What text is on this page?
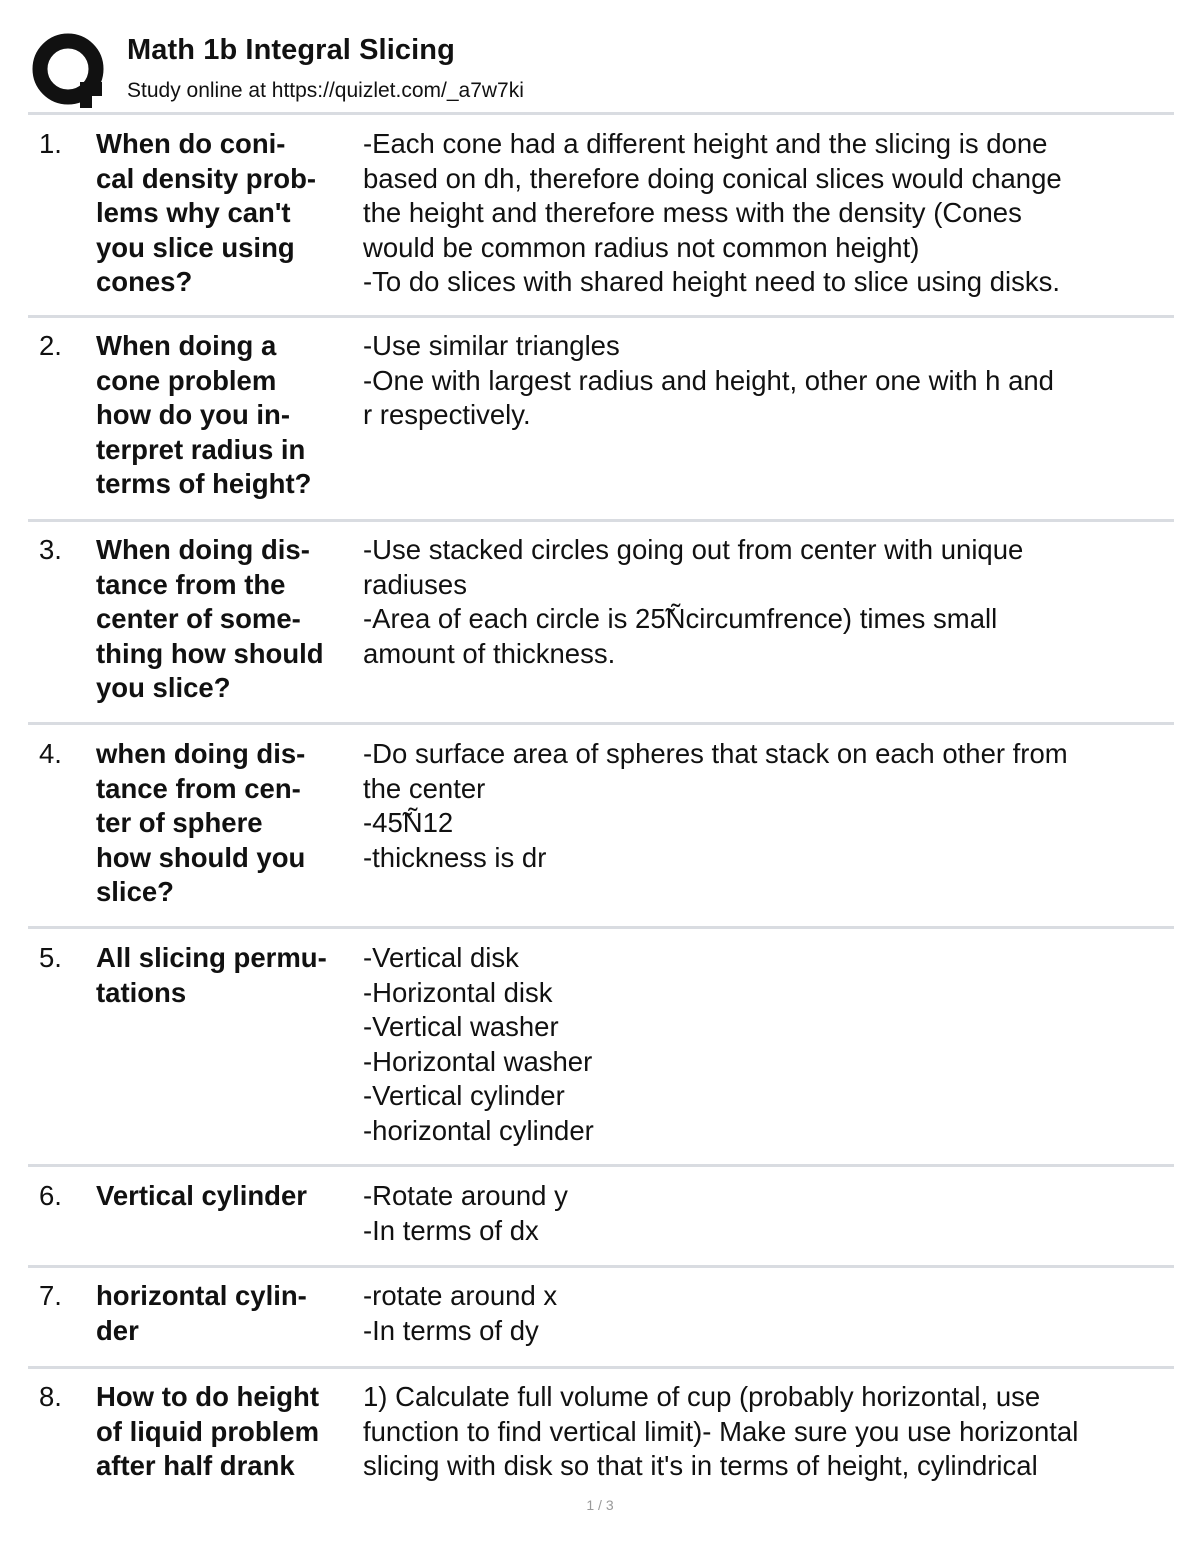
Math 1b Integral Slicing
Study online at https://quizlet.com/_a7w7ki
1. When do coni-
cal density prob-
lems why can't
you slice using
cones?
-Each cone had a different height and the slicing is done
based on dh, therefore doing conical slices would change
the height and therefore mess with the density (Cones
would be common radius not common height)
-To do slices with shared height need to slice using disks.
2. When doing a
cone problem
how do you in-
terpret radius in
terms of height?
-Use similar triangles
-One with largest radius and height, other one with h and
r respectively.
3. When doing dis-
tance from the
center of some-
thing how should
you slice?
-Use stacked circles going out from center with unique
radiuses
-Area of each circle is 25̃Ñcircumfrence) times small
amount of thickness.
4. when doing dis-
tance from cen-
ter of sphere
how should you
slice?
-Do surface area of spheres that stack on each other from
the center
-45̃Ñ12
-thickness is dr
5. All slicing permu-
tations
-Vertical disk
-Horizontal disk
-Vertical washer
-Horizontal washer
-Vertical cylinder
-horizontal cylinder
6. Vertical cylinder	-Rotate around y
-In terms of dx
7. horizontal cylin-
der
-rotate around x
-In terms of dy
8. How to do height
of liquid problem
after half drank
1) Calculate full volume of cup (probably horizontal, use
function to find vertical limit)- Make sure you use horizontal
slicing with disk so that it's in terms of height, cylindrical
1 / 3
